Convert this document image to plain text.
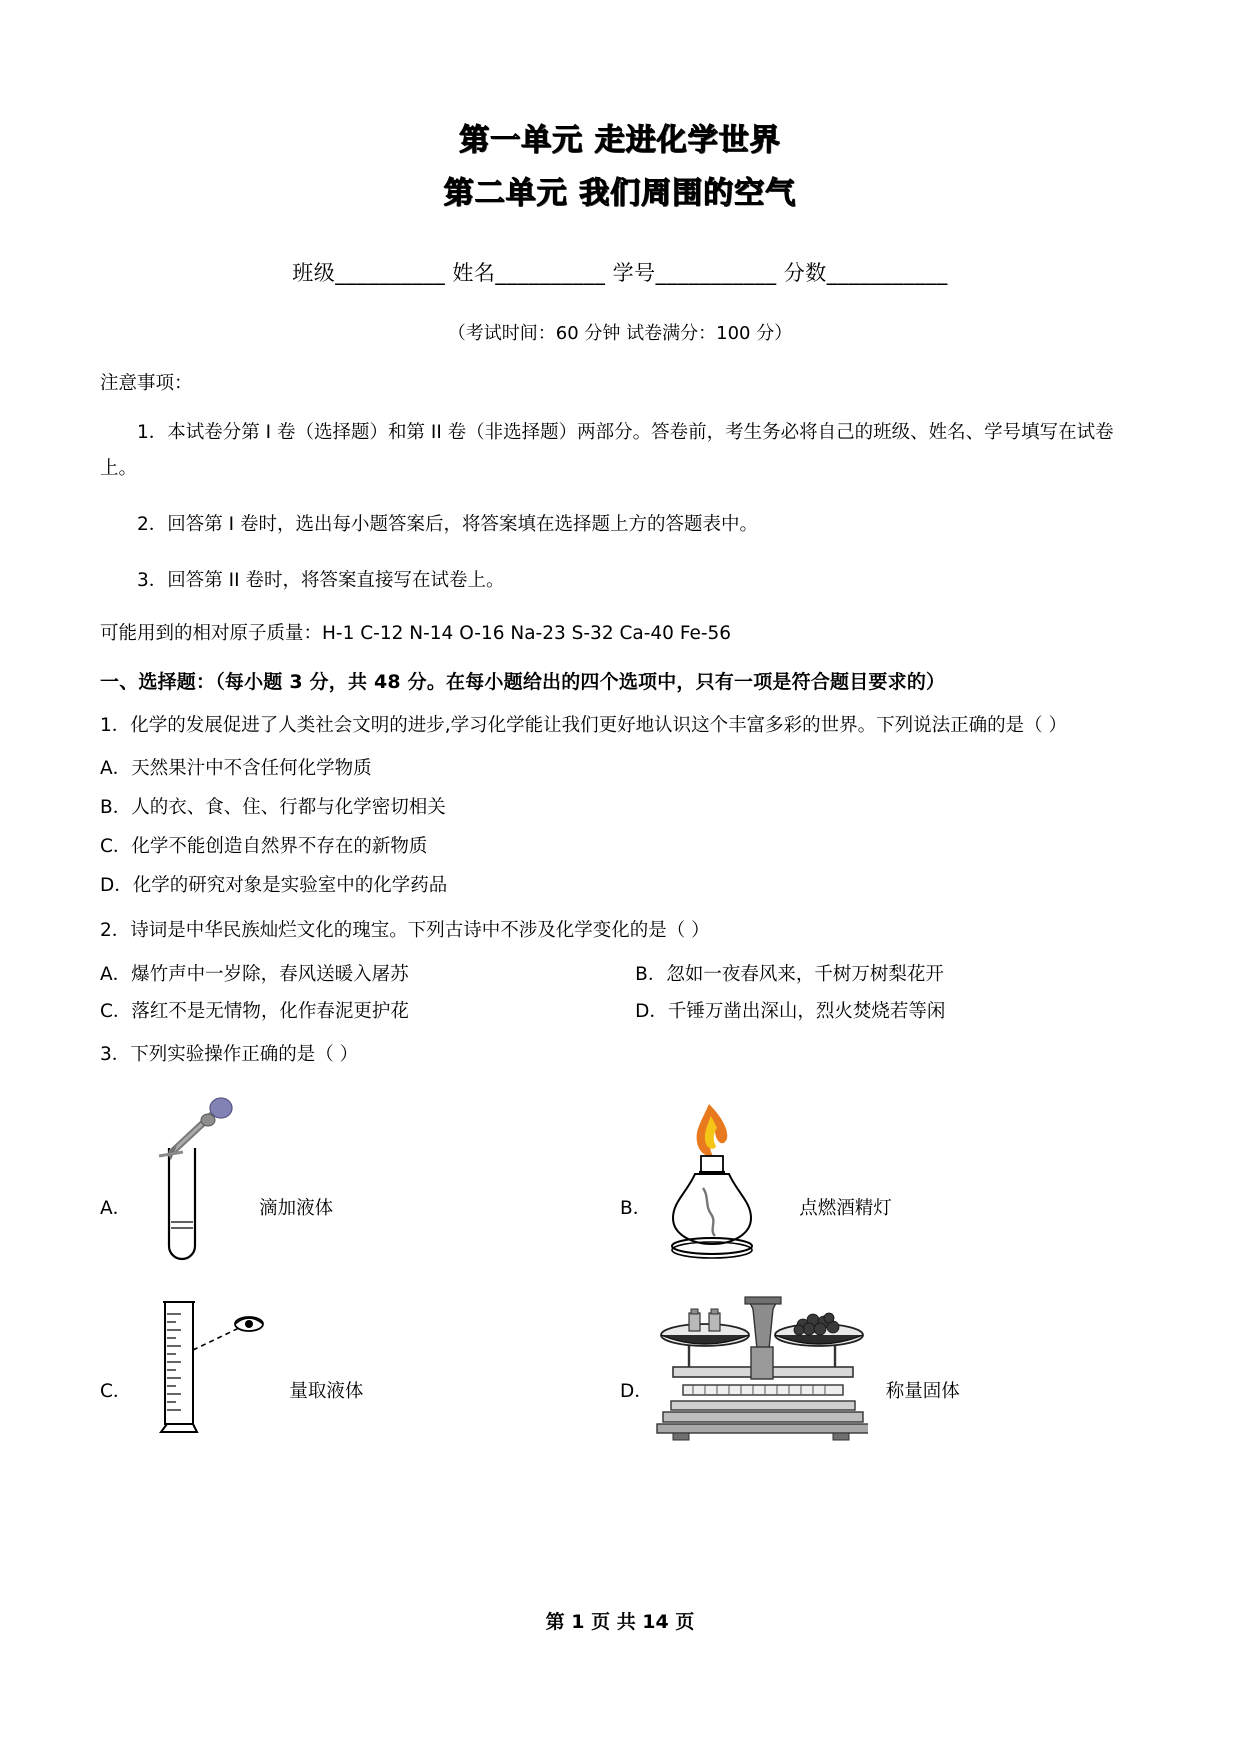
第一单元 走进化学世界
第二单元 我们周围的空气
班级__________ 姓名__________ 学号___________ 分数___________
（考试时间：60 分钟 试卷满分：100 分）
注意事项：
1．本试卷分第 I 卷（选择题）和第 II 卷（非选择题）两部分。答卷前，考生务必将自己的班级、姓名、学号填写在试卷上。
2．回答第 I 卷时，选出每小题答案后，将答案填在选择题上方的答题表中。
3．回答第 II 卷时，将答案直接写在试卷上。
可能用到的相对原子质量：H-1 C-12 N-14 O-16 Na-23 S-32 Ca-40 Fe-56
一、选择题：（每小题 3 分，共 48 分。在每小题给出的四个选项中，只有一项是符合题目要求的）
1．化学的发展促进了人类社会文明的进步,学习化学能让我们更好地认识这个丰富多彩的世界。下列说法正确的是（ ）
A．天然果汁中不含任何化学物质
B．人的衣、食、住、行都与化学密切相关
C．化学不能创造自然界不存在的新物质
D．化学的研究对象是实验室中的化学药品
2．诗词是中华民族灿烂文化的瑰宝。下列古诗中不涉及化学变化的是（ ）
A．爆竹声中一岁除，春风送暖入屠苏	B．忽如一夜春风来，千树万树梨花开
C．落红不是无情物，化作春泥更护花	D．千锤万凿出深山，烈火焚烧若等闲
3．下列实验操作正确的是（ ）
A．	滴加液体	B．	点燃酒精灯
C．	量取液体	D．	称量固体
第 1 页 共 14 页
